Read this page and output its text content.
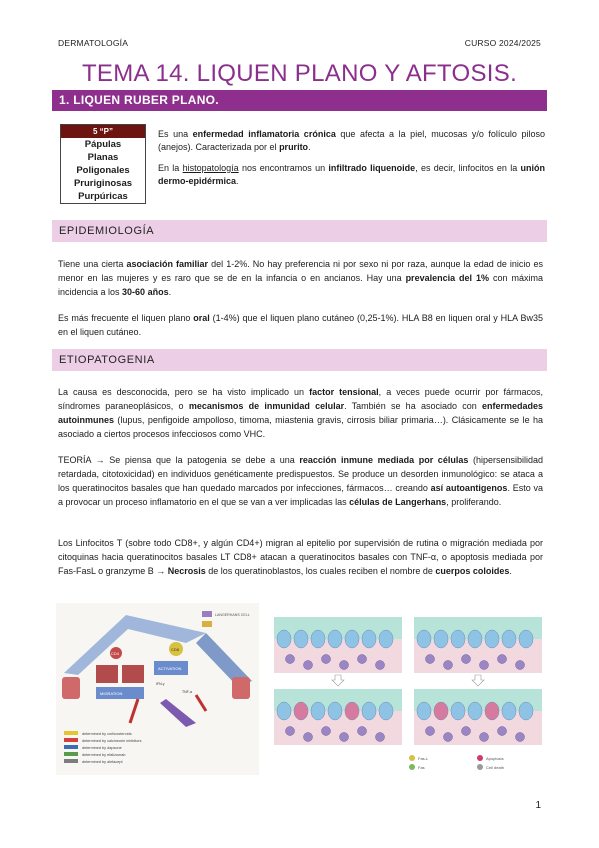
DERMATOLOGÍA	CURSO 2024/2025
TEMA 14. LIQUEN PLANO Y AFTOSIS.
1. LIQUEN RUBER PLANO.
5 “P”
Pápulas
Planas
Poligonales
Pruriginosas
Purpúricas

Es una enfermedad inflamatoria crónica que afecta a la piel, mucosas y/o folículo piloso (anejos). Caracterizada por el prurito.

En la histopatología nos encontramos un infiltrado liquenoide, es decir, linfocitos en la unión dermo-epidérmica.

EPIDEMIOLOGÍA

Tiene una cierta asociación familiar del 1-2%. No hay preferencia ni por sexo ni por raza, aunque la edad de inicio es menor en las mujeres y es raro que se de en la infancia o en ancianos. Hay una prevalencia del 1% con máxima incidencia a los 30-60 años.

Es más frecuente el liquen plano oral (1-4%) que el liquen plano cutáneo (0,25-1%). HLA B8 en liquen oral y HLA Bw35 en el liquen cutáneo.

ETIOPATOGENIA

La causa es desconocida, pero se ha visto implicado un factor tensional, a veces puede ocurrir por fármacos, síndromes paraneoplásicos, o mecanismos de inmunidad celular. También se ha asociado con enfermedades autoinmunes (lupus, penfigoide ampolloso, timoma, miastenia gravis, cirrosis biliar primaria…). Clásicamente se le ha asociado a ciertos procesos infecciosos como VHC.

TEORÍA → Se piensa que la patogenia se debe a una reacción inmune mediada por células (hipersensibilidad retardada, citotoxicidad) en individuos genéticamente predispuestos. Se produce un desorden inmunológico: se ataca a los queratinocitos basales que han quedado marcados por infecciones, fármacos… creando así autoantigenos. Esto va a provocar un proceso inflamatorio en el que se van a ver implicadas las células de Langerhans, proliferando.

Los Linfocitos T (sobre todo CD8+, y algún CD4+) migran al epitelio por supervisión de rutina o migración mediada por citoquinas hacia queratinocitos basales LT CD8+ atacan a queratinocitos basales con TNF-α, o apoptosis mediada por Fas-FasL o granzyme B → Necrosis de los queratinoblastos, los cuales reciben el nombre de cuerpos coloides.

LANGERHANS CELL
ACTIVATION
MIGRATION
CD4
CD8
IFN-γ
TNF-α
determined by corticosteroids
determined by calcineurin inhibitors
determined by dapsone
determined by efalizumab
determined by alefacept
Fas-L
Fas
Apoptosis
Cell death
1
